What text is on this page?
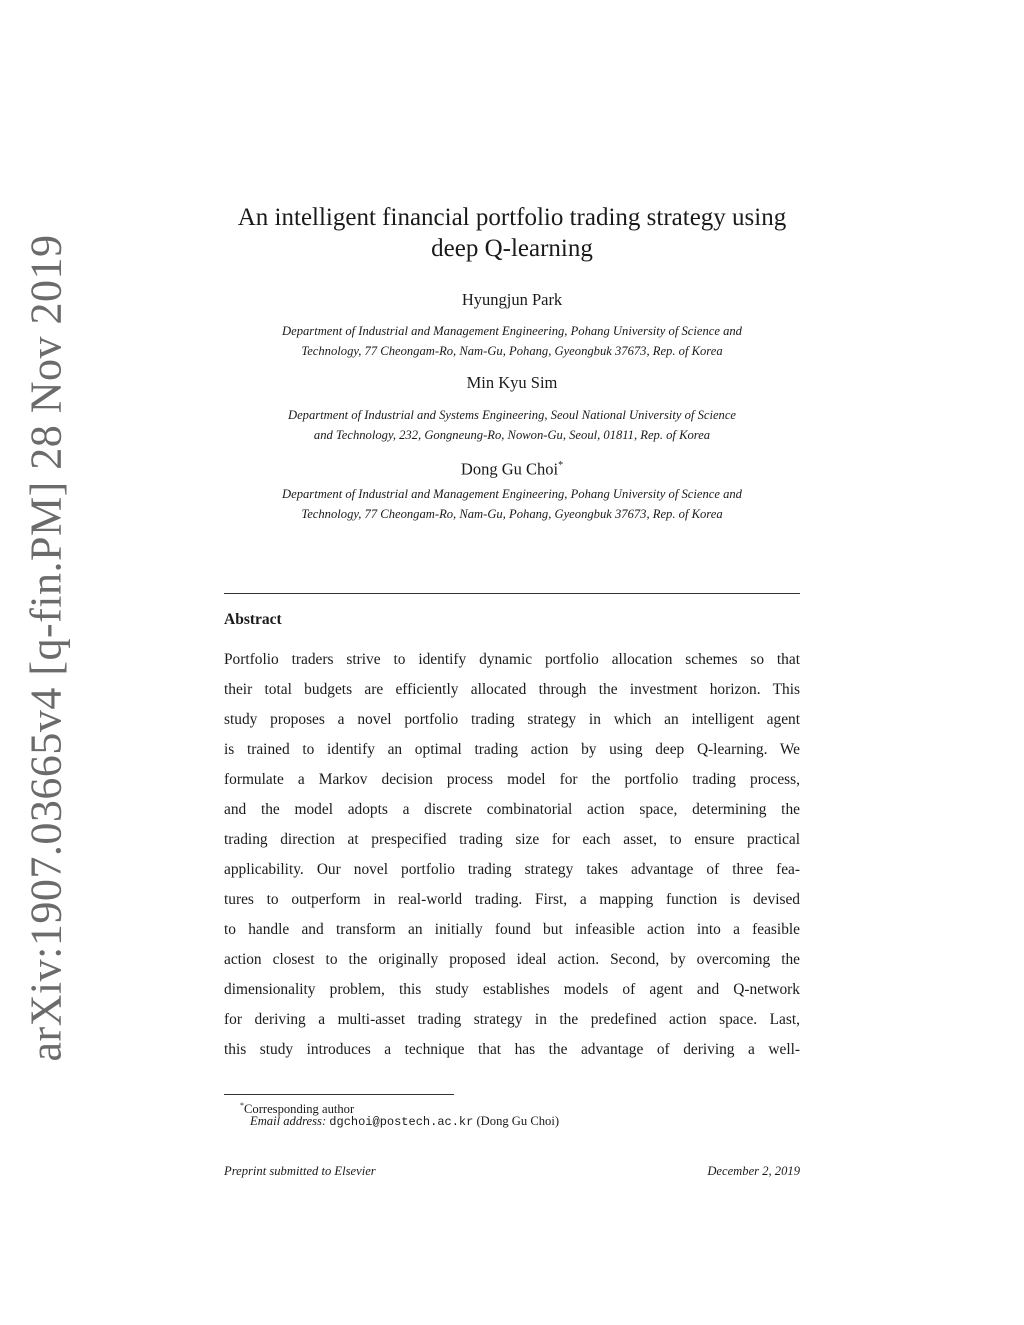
arXiv:1907.03665v4 [q-fin.PM] 28 Nov 2019
An intelligent financial portfolio trading strategy using
deep Q-learning
Hyungjun Park
Department of Industrial and Management Engineering, Pohang University of Science and
Technology, 77 Cheongam-Ro, Nam-Gu, Pohang, Gyeongbuk 37673, Rep. of Korea
Min Kyu Sim
Department of Industrial and Systems Engineering, Seoul National University of Science
and Technology, 232, Gongneung-Ro, Nowon-Gu, Seoul, 01811, Rep. of Korea
Dong Gu Choi*
Department of Industrial and Management Engineering, Pohang University of Science and
Technology, 77 Cheongam-Ro, Nam-Gu, Pohang, Gyeongbuk 37673, Rep. of Korea
Abstract
Portfolio traders strive to identify dynamic portfolio allocation schemes so that
their total budgets are efficiently allocated through the investment horizon. This
study proposes a novel portfolio trading strategy in which an intelligent agent
is trained to identify an optimal trading action by using deep Q-learning. We
formulate a Markov decision process model for the portfolio trading process,
and the model adopts a discrete combinatorial action space, determining the
trading direction at prespecified trading size for each asset, to ensure practical
applicability. Our novel portfolio trading strategy takes advantage of three fea-
tures to outperform in real-world trading. First, a mapping function is devised
to handle and transform an initially found but infeasible action into a feasible
action closest to the originally proposed ideal action. Second, by overcoming the
dimensionality problem, this study establishes models of agent and Q-network
for deriving a multi-asset trading strategy in the predefined action space. Last,
this study introduces a technique that has the advantage of deriving a well-
*Corresponding author
Email address: dgchoi@postech.ac.kr (Dong Gu Choi)
Preprint submitted to Elsevier	December 2, 2019
